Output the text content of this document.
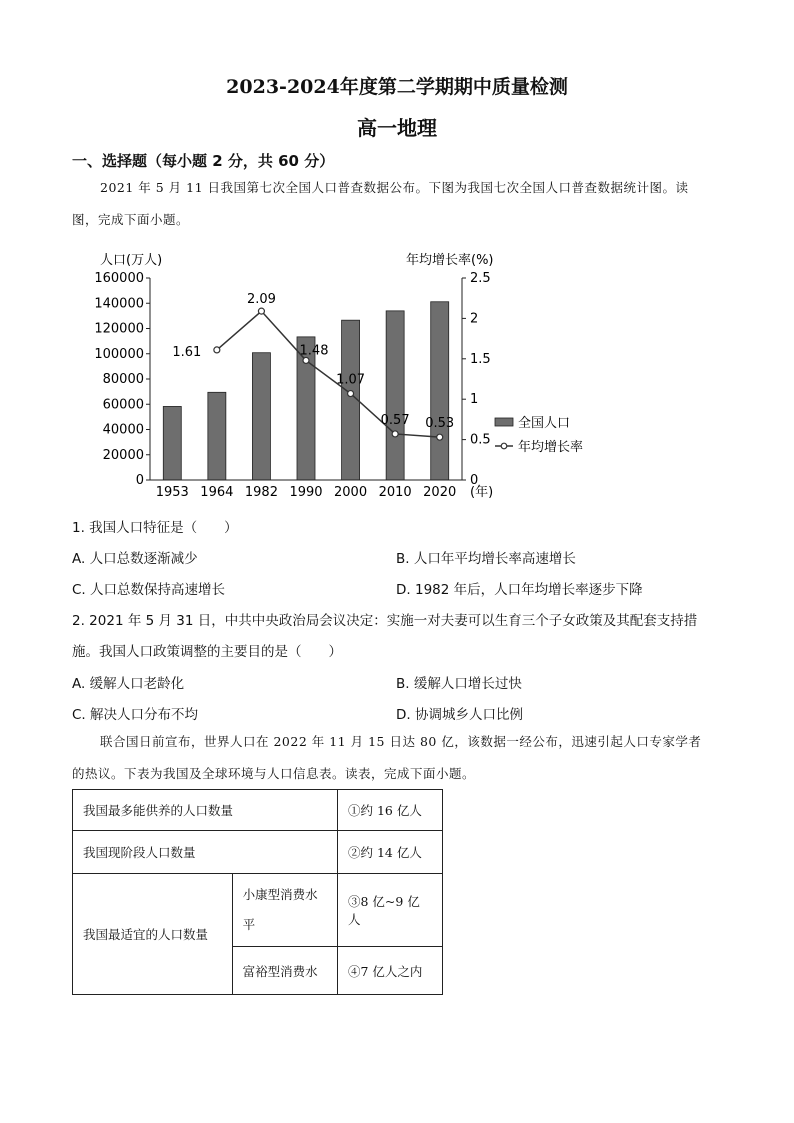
2023-2024年度第二学期期中质量检测
高一地理
一、选择题（每小题 2 分，共 60 分）

2021 年 5 月 11 日我国第七次全国人口普查数据公布。下图为我国七次全国人口普查数据统计图。读

图，完成下面小题。
人口(万人)	年均增长率(%)
0
20000
40000
60000
80000
100000
120000
140000
160000
0
0.5
1
1.5
2
2.5
1.61
2.09
1.48
1.07
0.57 0.53
1953 1964 1982 1990 2000 2010 2020 (年)
全国人口
年均增长率
1. 我国人口特征是（　　）
A. 人口总数逐渐减少	B. 人口年平均增长率高速增长
C. 人口总数保持高速增长	D. 1982 年后，人口年均增长率逐步下降
2. 2021 年 5 月 31 日，中共中央政治局会议决定：实施一对夫妻可以生育三个子女政策及其配套支持措
施。我国人口政策调整的主要目的是（　　）
A. 缓解人口老龄化	B. 缓解人口增长过快
C. 解决人口分布不均	D. 协调城乡人口比例

联合国日前宣布，世界人口在 2022 年 11 月 15 日达 80 亿，该数据一经公布，迅速引起人口专家学者

的热议。下表为我国及全球环境与人口信息表。读表，完成下面小题。
我国最多能供养的人口数量		①约 16 亿人
我国现阶段人口数量		②约 14 亿人
我国最适宜的人口数量	小康型消费水平	③8 亿~9 亿人
	富裕型消费水	④7 亿人之内
